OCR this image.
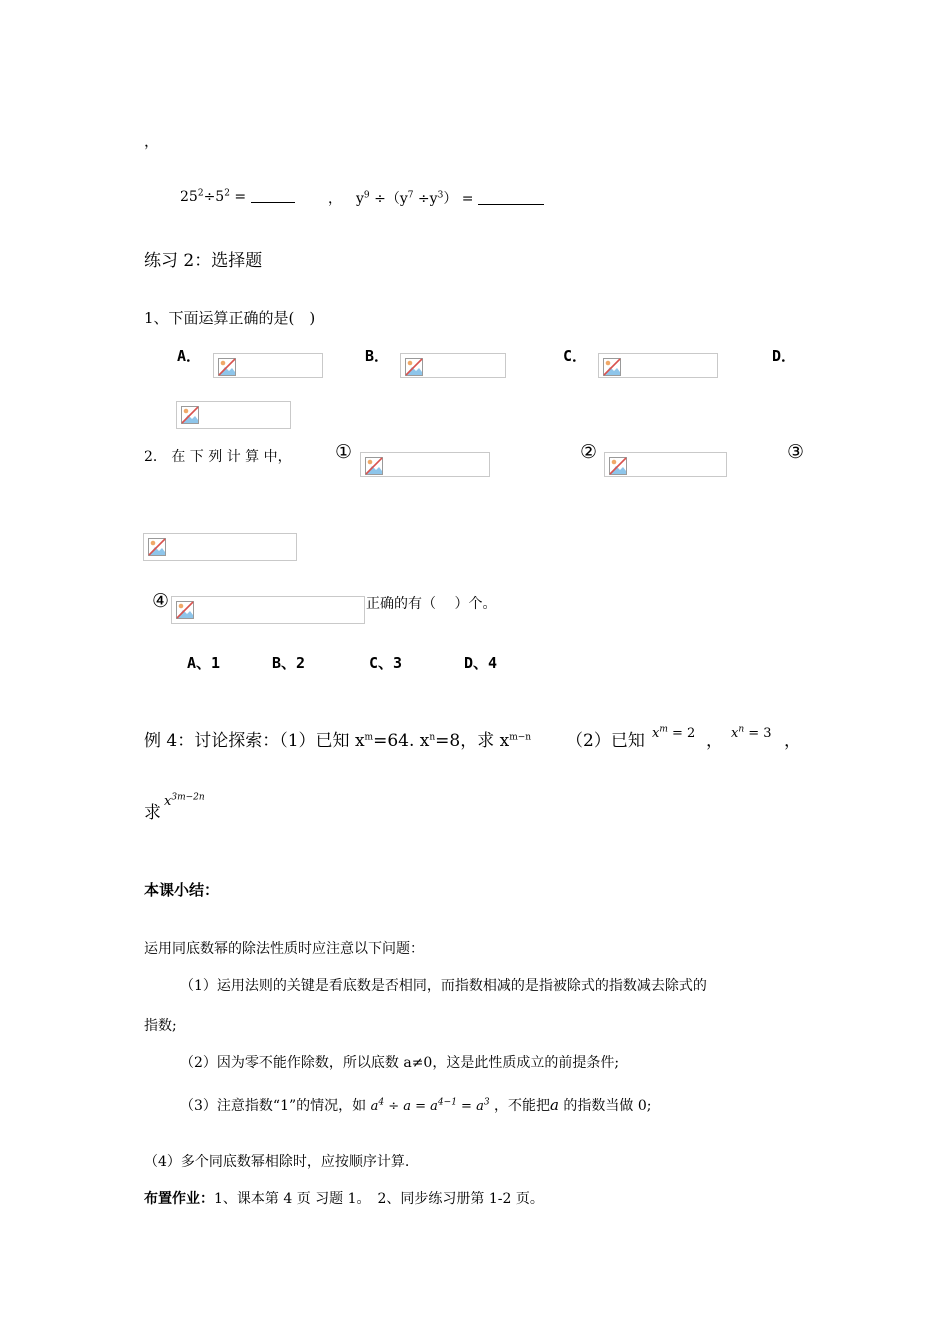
，
$25^2\div 5^2$ =	， $y^9 \div(y^7 \div y^3)$ =
练习 2：选择题
1、下面运算正确的是(　)
A．	B．	C．	D．
2． 在 下 列 计 算 中， ①	②	③
④	正确的有（　 ）个。
A、1	B、2	C、3	D、4
例 4：讨论探索：（1）已知 $x^m=64$. $x^n=8$，求 $x^{m-n}$ （2）已知 $x^m = 2$ ， $x^n = 3$ ，
求
$x^{3m-2n}$
本课小结：
运用同底数幂的除法性质时应注意以下问题：
（1）运用法则的关键是看底数是否相同，而指数相减的是指被除式的指数减去除式的
指数;
（2）因为零不能作除数，所以底数 a≠0，这是此性质成立的前提条件;
（3）注意指数“1”的情况，如 $a^4 \div a = a^{4-1} = a^3$ ，不能把a 的指数当做 0;
（4）多个同底数幂相除时，应按顺序计算.
布置作业：1、课本第 4 页 习题 1。　2、同步练习册第 1-2 页。
